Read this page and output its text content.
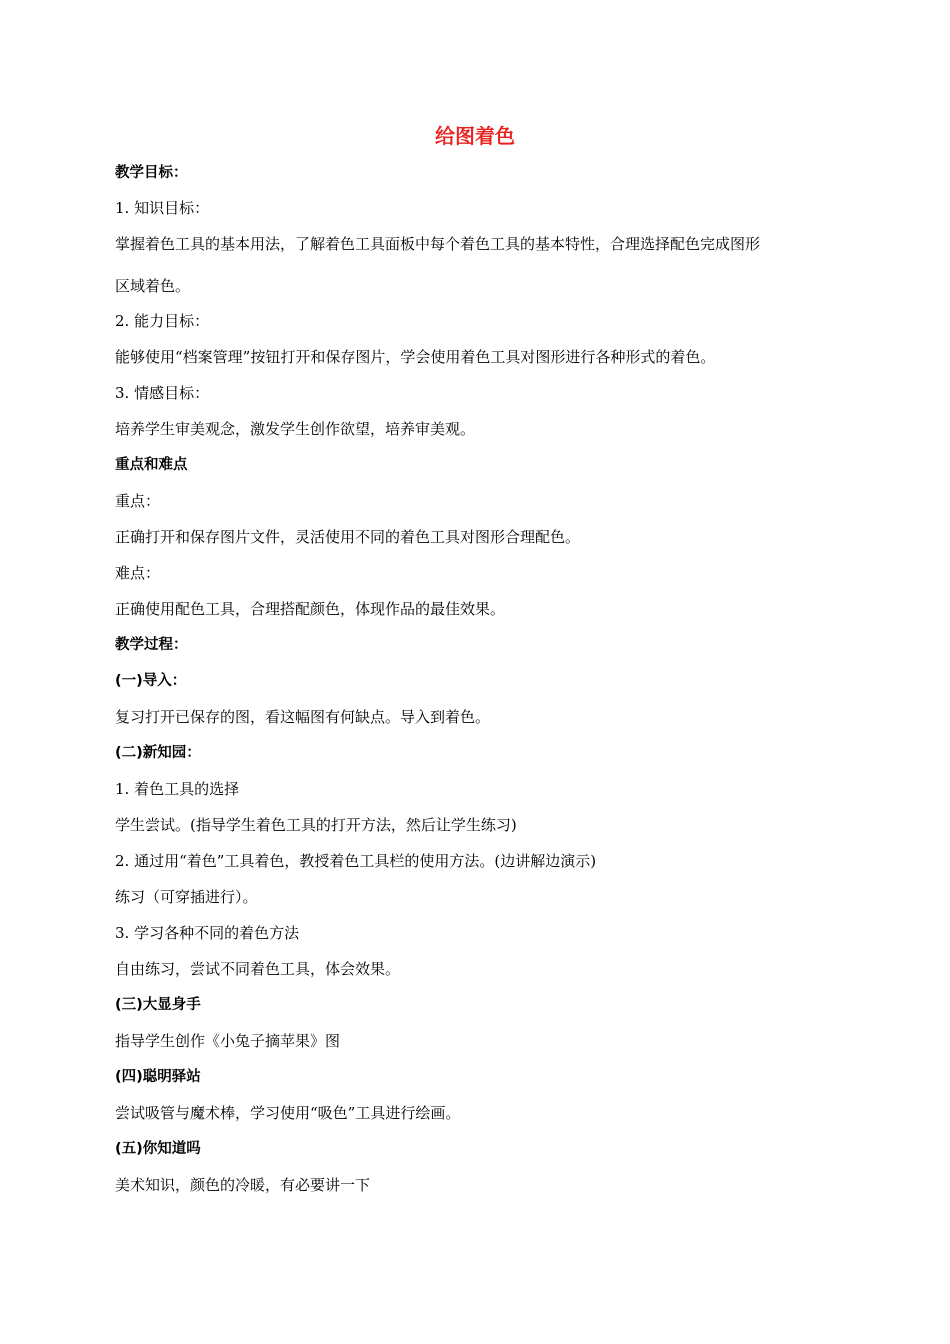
给图着色

教学目标：

1. 知识目标：

掌握着色工具的基本用法，了解着色工具面板中每个着色工具的基本特性，合理选择配色完成图形

区域着色。

2. 能力目标：

能够使用“档案管理”按钮打开和保存图片，学会使用着色工具对图形进行各种形式的着色。

3. 情感目标：

培养学生审美观念，激发学生创作欲望，培养审美观。

重点和难点

重点：

正确打开和保存图片文件，灵活使用不同的着色工具对图形合理配色。

难点：

正确使用配色工具，合理搭配颜色，体现作品的最佳效果。

教学过程：

(一)导入：

复习打开已保存的图，看这幅图有何缺点。导入到着色。

(二)新知园：

1. 着色工具的选择

学生尝试。(指导学生着色工具的打开方法，然后让学生练习)

2. 通过用“着色”工具着色，教授着色工具栏的使用方法。(边讲解边演示)

练习（可穿插进行）。

3. 学习各种不同的着色方法

自由练习，尝试不同着色工具，体会效果。

(三)大显身手

指导学生创作《小兔子摘苹果》图

(四)聪明驿站

尝试吸管与魔术棒，学习使用“吸色”工具进行绘画。

(五)你知道吗

美术知识，颜色的冷暖，有必要讲一下
